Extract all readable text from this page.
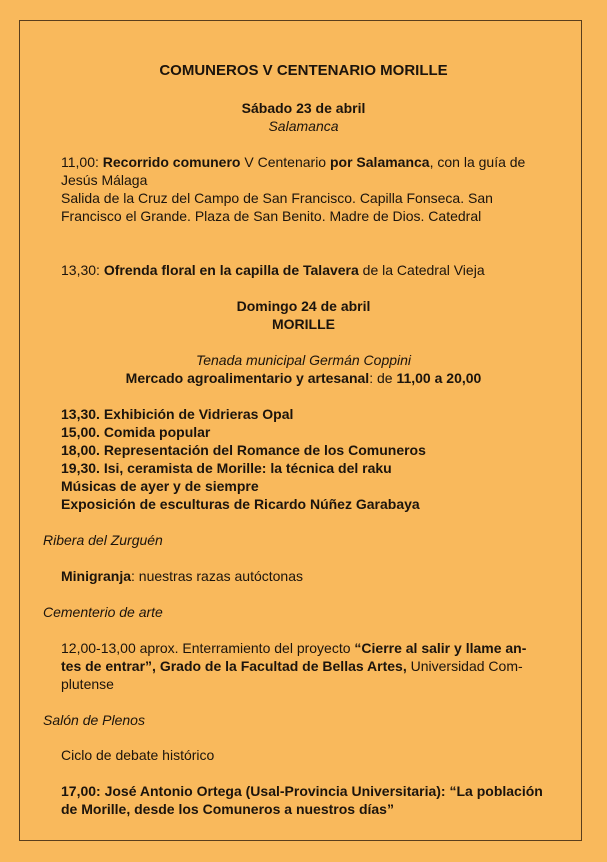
COMUNEROS V CENTENARIO MORILLE
Sábado 23 de abril
Salamanca
11,00: Recorrido comunero V Centenario por Salamanca, con la guía de
Jesús Málaga
Salida de la Cruz del Campo de San Francisco. Capilla Fonseca. San
Francisco el Grande. Plaza de San Benito. Madre de Dios. Catedral
13,30: Ofrenda floral en la capilla de Talavera de la Catedral Vieja
Domingo 24 de abril
MORILLE
Tenada municipal Germán Coppini
Mercado agroalimentario y artesanal: de 11,00 a 20,00
13,30. Exhibición de Vidrieras Opal
15,00. Comida popular
18,00. Representación del Romance de los Comuneros
19,30. Isi, ceramista de Morille: la técnica del raku
Músicas de ayer y de siempre
Exposición de esculturas de Ricardo Núñez Garabaya
Ribera del Zurguén
Minigranja: nuestras razas autóctonas
Cementerio de arte
12,00-13,00 aprox. Enterramiento del proyecto “Cierre al salir y llame an-
tes de entrar”, Grado de la Facultad de Bellas Artes, Universidad Com-
plutense
Salón de Plenos
Ciclo de debate histórico
17,00: José Antonio Ortega (Usal-Provincia Universitaria): “La población
de Morille, desde los Comuneros a nuestros días”
